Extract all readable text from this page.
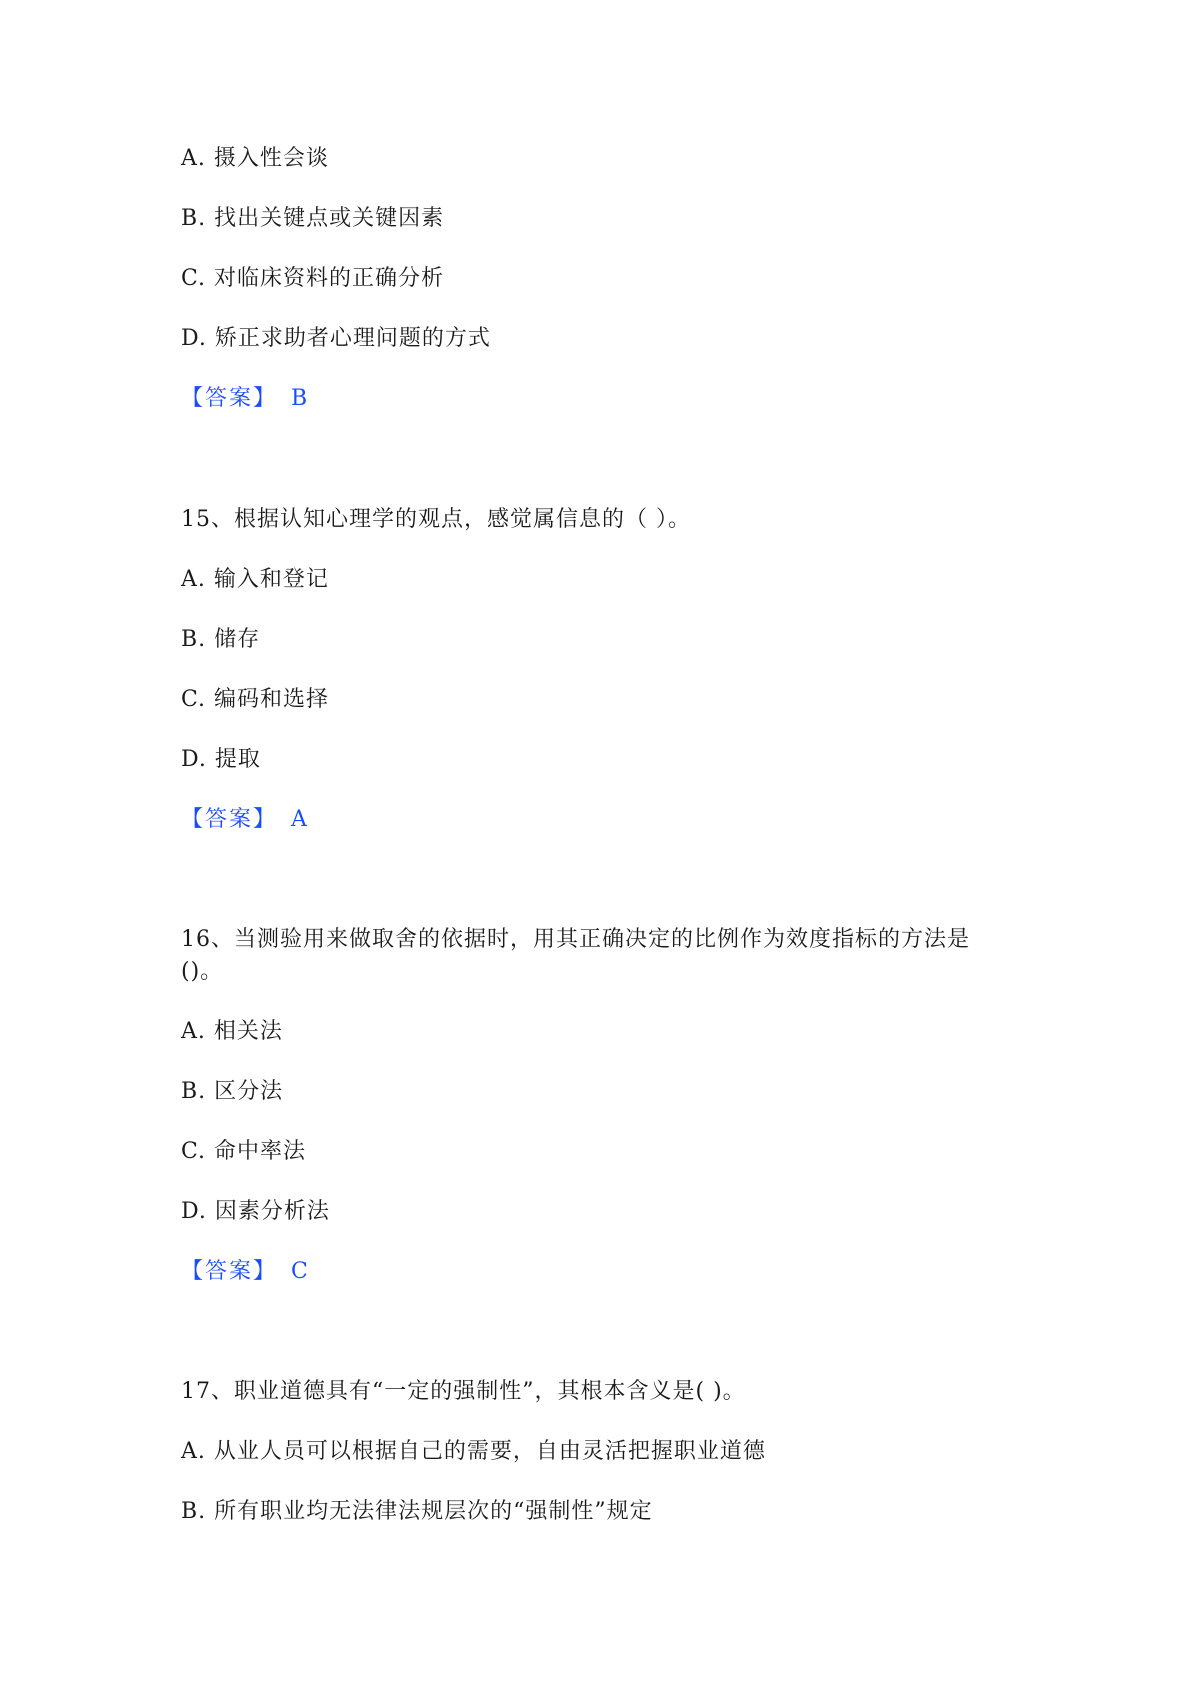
A. 摄入性会谈
B. 找出关键点或关键因素
C. 对临床资料的正确分析
D. 矫正求助者心理问题的方式
【答案】 B
15、根据认知心理学的观点，感觉属信息的（ ）。
A. 输入和登记
B. 储存
C. 编码和选择
D. 提取
【答案】 A
16、当测验用来做取舍的依据时，用其正确决定的比例作为效度指标的方法是
()。
A. 相关法
B. 区分法
C. 命中率法
D. 因素分析法
【答案】 C
17、职业道德具有“一定的强制性”，其根本含义是( )。
A. 从业人员可以根据自己的需要，自由灵活把握职业道德
B. 所有职业均无法律法规层次的“强制性”规定
